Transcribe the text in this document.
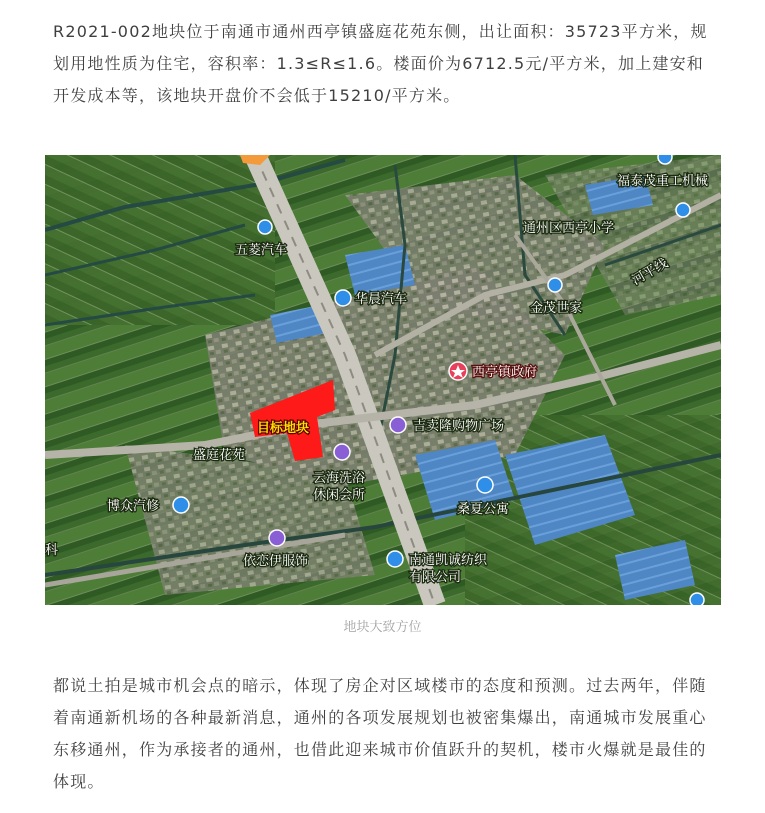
R2021-002地块位于南通市通州西亭镇盛庭花苑东侧，出让面积：35723平方米，规划用地性质为住宅，容积率：1.3≤R≤1.6。楼面价为6712.5元/平方米，加上建安和开发成本等，该地块开盘价不会低于15210/平方米。

福泰茂重工机械
通州区西亭小学
五菱汽车
华晨汽车
金茂世家
河平线
西亭镇政府
目标地块	吉卖隆购物广场
盛庭花苑
云海洗浴
休闲会所
博众汽修	桑夏公寓
依恋伊服饰	南通凯诚纺织
有限公司
科
地块大致方位

都说土拍是城市机会点的暗示，体现了房企对区域楼市的态度和预测。过去两年，伴随着南通新机场的各种最新消息，通州的各项发展规划也被密集爆出，南通城市发展重心东移通州，作为承接者的通州，也借此迎来城市价值跃升的契机，楼市火爆就是最佳的体现。
